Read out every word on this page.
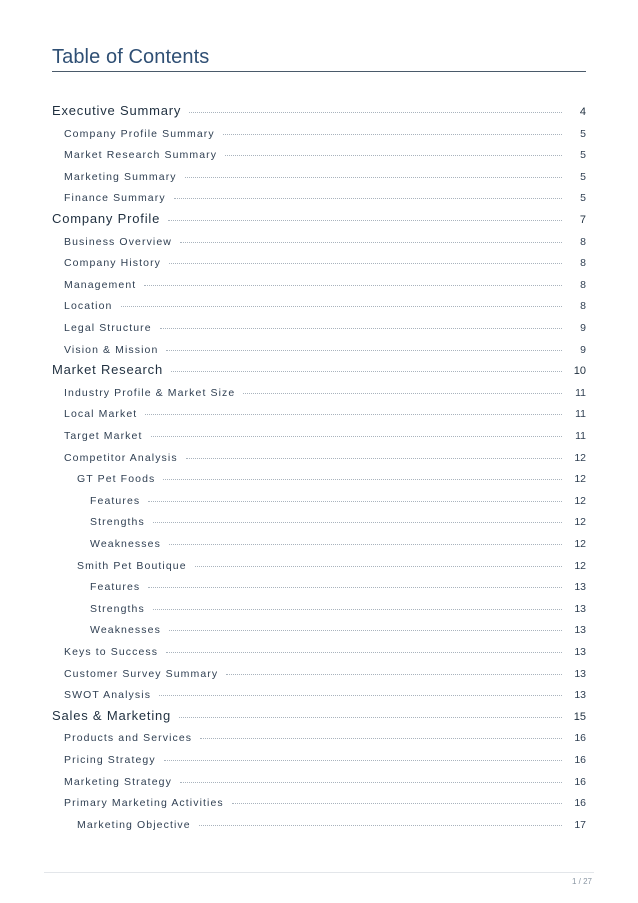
Table of Contents
Executive Summary	4
Company Profile Summary	5
Market Research Summary	5
Marketing Summary	5
Finance Summary	5
Company Profile	7
Business Overview	8
Company History	8
Management	8
Location	8
Legal Structure	9
Vision & Mission	9
Market Research	10
Industry Profile & Market Size	11
Local Market	11
Target Market	11
Competitor Analysis	12
GT Pet Foods	12
Features	12
Strengths	12
Weaknesses	12
Smith Pet Boutique	12
Features	13
Strengths	13
Weaknesses	13
Keys to Success	13
Customer Survey Summary	13
SWOT Analysis	13
Sales & Marketing	15
Products and Services	16
Pricing Strategy	16
Marketing Strategy	16
Primary Marketing Activities	16
Marketing Objective	17
1 / 27
